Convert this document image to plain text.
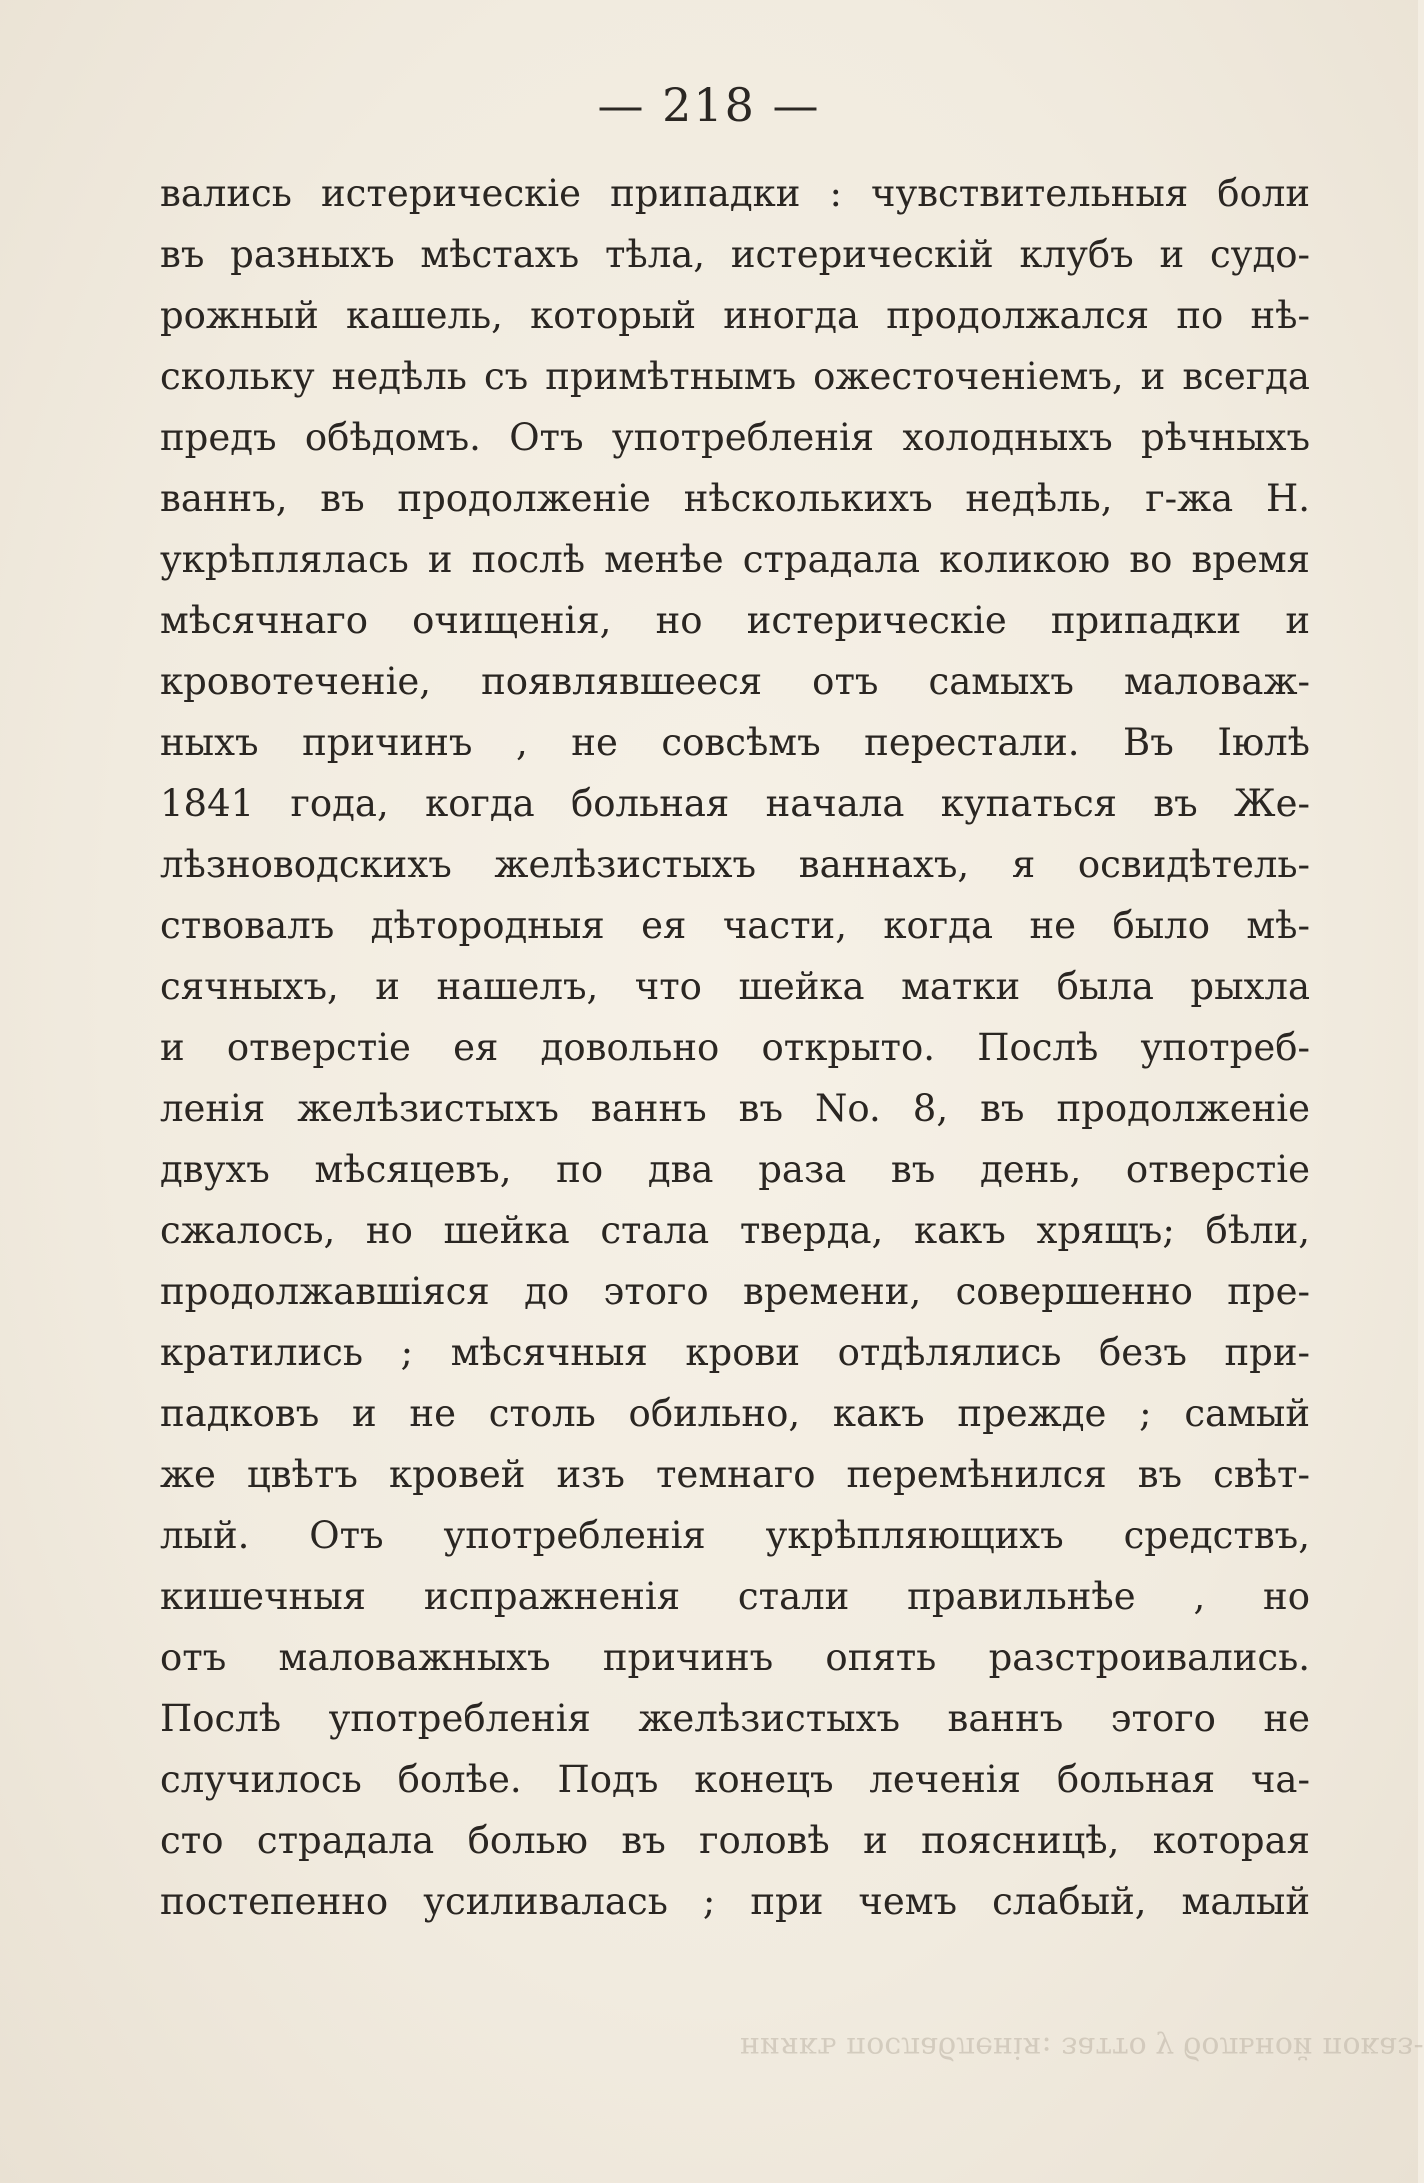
— 218 —
вались истерическіе припадки : чувствительныя боли
въ разныхъ мѣстахъ тѣла, истерическій клубъ и судо-
рожный кашель, который иногда продолжался по нѣ-
скольку недѣль съ примѣтнымъ ожесточеніемъ, и всегда
предъ обѣдомъ. Отъ употребленія холодныхъ рѣчныхъ
ваннъ, въ продолженіе нѣсколькихъ недѣль, г-жа Н.
укрѣплялась и послѣ менѣе страдала коликою во время
мѣсячнаго очищенія, но истерическіе припадки и
кровотеченіе, появлявшееся отъ самыхъ маловаж-
ныхъ причинъ , не совсѣмъ перестали. Въ Іюлѣ
1841 года, когда больная начала купаться въ Же-
лѣзноводскихъ желѣзистыхъ ваннахъ, я освидѣтель-
ствовалъ дѣтородныя ея части, когда не было мѣ-
сячныхъ, и нашелъ, что шейка матки была рыхла
и отверстіе ея довольно открыто. Послѣ употреб-
ленія желѣзистыхъ ваннъ въ No. 8, въ продолженіе
двухъ мѣсяцевъ, по два раза въ день, отверстіе
сжалось, но шейка стала тверда, какъ хрящъ; бѣли,
продолжавшіяся до этого времени, совершенно пре-
кратились ; мѣсячныя крови отдѣлялись безъ при-
падковъ и не столь обильно, какъ прежде ; самый
же цвѣтъ кровей изъ темнаго перемѣнился въ свѣт-
лый. Отъ употребленія укрѣпляющихъ средствъ,
кишечныя испражненія стали правильнѣе , но
отъ маловажныхъ причинъ опять разстроивались.
Послѣ употребленія желѣзистыхъ ваннъ этого не
случилось болѣе. Подъ конецъ леченія больная ча-
сто страдала болью въ головѣ и поясницѣ, которая
постепенно усиливалась ; при чемъ слабый, малый
ниякъ послабленія: затто у больной показ-
